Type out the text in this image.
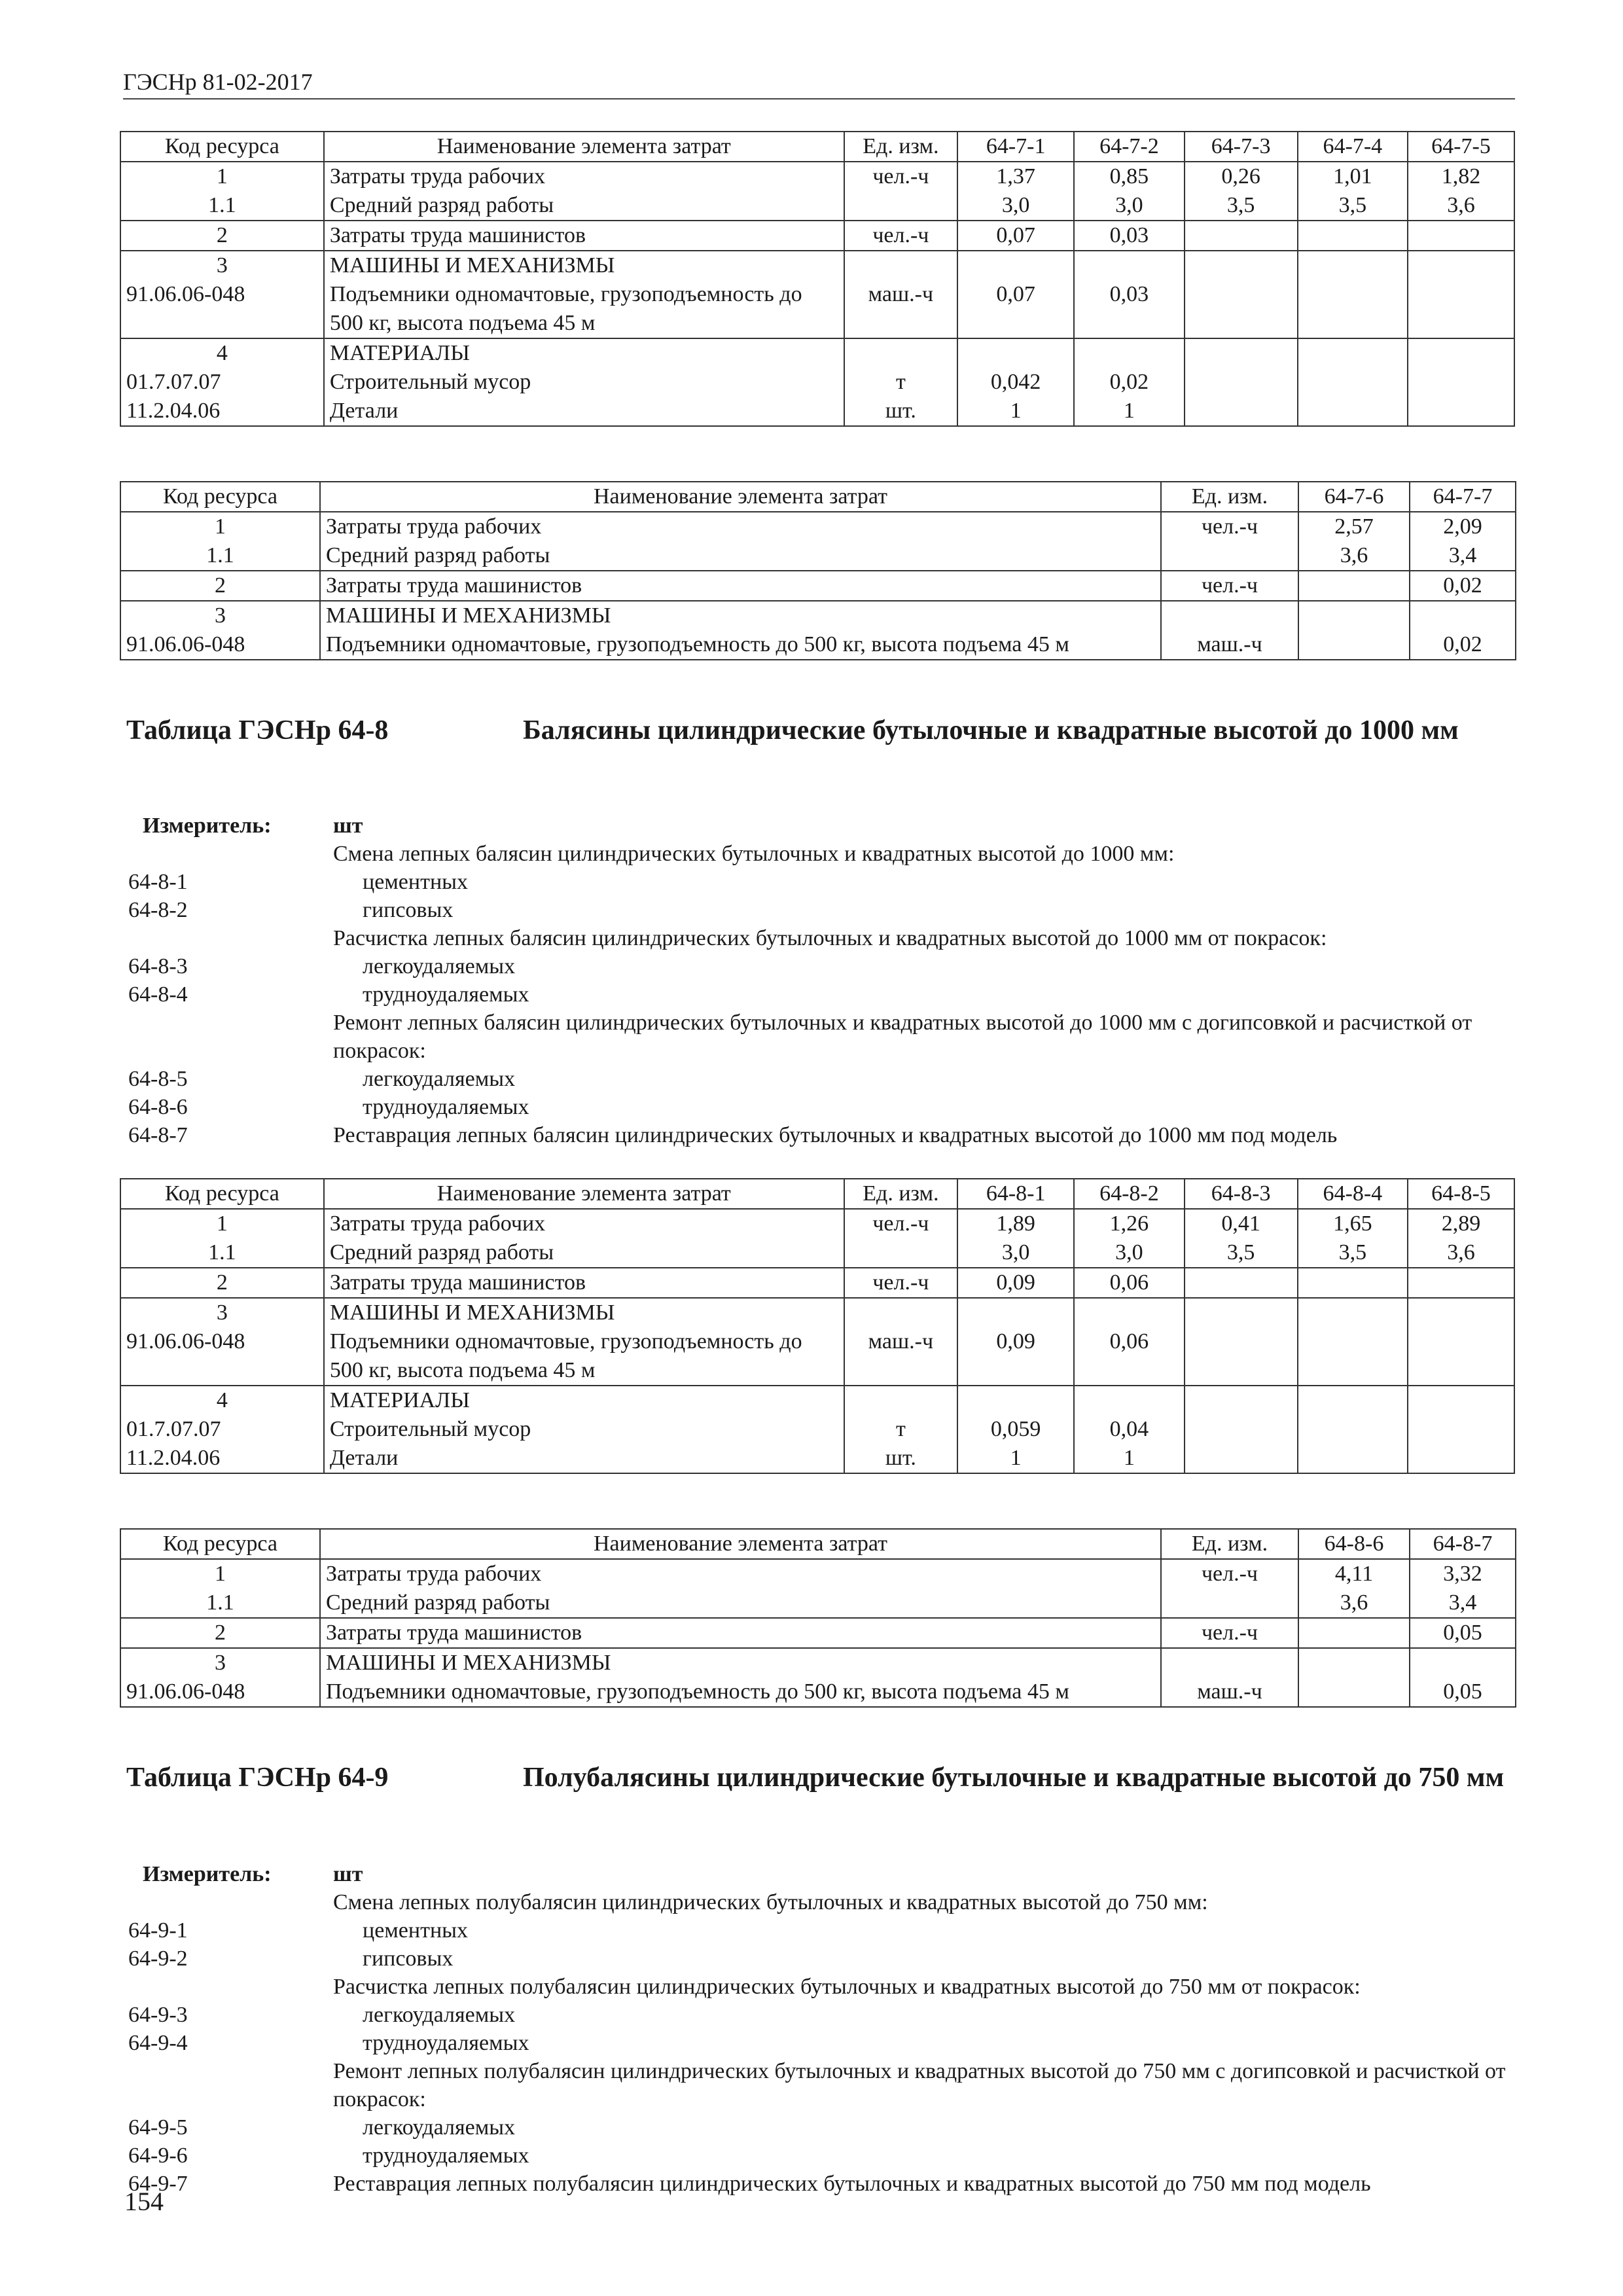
ГЭСНр 81-02-2017
Код ресурса	Наименование элемента затрат	Ед. изм.	64-7-1	64-7-2	64-7-3	64-7-4	64-7-5
1	Затраты труда рабочих	чел.-ч	1,37	0,85	0,26	1,01	1,82
1.1	Средний разряд работы		3,0	3,0	3,5	3,5	3,6
2	Затраты труда машинистов	чел.-ч	0,07	0,03			
3	МАШИНЫ И МЕХАНИЗМЫ						
91.06.06-048	Подъемники одномачтовые, грузоподъемность до 500 кг, высота подъема 45 м	маш.-ч	0,07	0,03			
4	МАТЕРИАЛЫ						
01.7.07.07	Строительный мусор	т	0,042	0,02			
11.2.04.06	Детали	шт.	1	1			
Код ресурса	Наименование элемента затрат	Ед. изм.	64-7-6	64-7-7
1	Затраты труда рабочих	чел.-ч	2,57	2,09
1.1	Средний разряд работы		3,6	3,4
2	Затраты труда машинистов	чел.-ч		0,02
3	МАШИНЫ И МЕХАНИЗМЫ			
91.06.06-048	Подъемники одномачтовые, грузоподъемность до 500 кг, высота подъема 45 м	маш.-ч		0,02
Таблица ГЭСНр 64-8	Балясины цилиндрические бутылочные и квадратные высотой до 1000 мм
Измеритель:	шт
Смена лепных балясин цилиндрических бутылочных и квадратных высотой до 1000 мм:
64-8-1	цементных
64-8-2	гипсовых
Расчистка лепных балясин цилиндрических бутылочных и квадратных высотой до 1000 мм от покрасок:
64-8-3	легкоудаляемых
64-8-4	трудноудаляемых
Ремонт лепных балясин цилиндрических бутылочных и квадратных высотой до 1000 мм с догипсовкой и расчисткой от покрасок:
64-8-5	легкоудаляемых
64-8-6	трудноудаляемых
64-8-7	Реставрация лепных балясин цилиндрических бутылочных и квадратных высотой до 1000 мм под модель
Код ресурса	Наименование элемента затрат	Ед. изм.	64-8-1	64-8-2	64-8-3	64-8-4	64-8-5
1	Затраты труда рабочих	чел.-ч	1,89	1,26	0,41	1,65	2,89
1.1	Средний разряд работы		3,0	3,0	3,5	3,5	3,6
2	Затраты труда машинистов	чел.-ч	0,09	0,06			
3	МАШИНЫ И МЕХАНИЗМЫ						
91.06.06-048	Подъемники одномачтовые, грузоподъемность до 500 кг, высота подъема 45 м	маш.-ч	0,09	0,06			
4	МАТЕРИАЛЫ						
01.7.07.07	Строительный мусор	т	0,059	0,04			
11.2.04.06	Детали	шт.	1	1			
Код ресурса	Наименование элемента затрат	Ед. изм.	64-8-6	64-8-7
1	Затраты труда рабочих	чел.-ч	4,11	3,32
1.1	Средний разряд работы		3,6	3,4
2	Затраты труда машинистов	чел.-ч		0,05
3	МАШИНЫ И МЕХАНИЗМЫ			
91.06.06-048	Подъемники одномачтовые, грузоподъемность до 500 кг, высота подъема 45 м	маш.-ч		0,05
Таблица ГЭСНр 64-9	Полубалясины цилиндрические бутылочные и квадратные высотой до 750 мм
Измеритель:	шт
Смена лепных полубалясин цилиндрических бутылочных и квадратных высотой до 750 мм:
64-9-1	цементных
64-9-2	гипсовых
Расчистка лепных полубалясин цилиндрических бутылочных и квадратных высотой до 750 мм от покрасок:
64-9-3	легкоудаляемых
64-9-4	трудноудаляемых
Ремонт лепных полубалясин цилиндрических бутылочных и квадратных высотой до 750 мм с догипсовкой и расчисткой от покрасок:
64-9-5	легкоудаляемых
64-9-6	трудноудаляемых
64-9-7	Реставрация лепных полубалясин цилиндрических бутылочных и квадратных высотой до 750 мм под модель
154
